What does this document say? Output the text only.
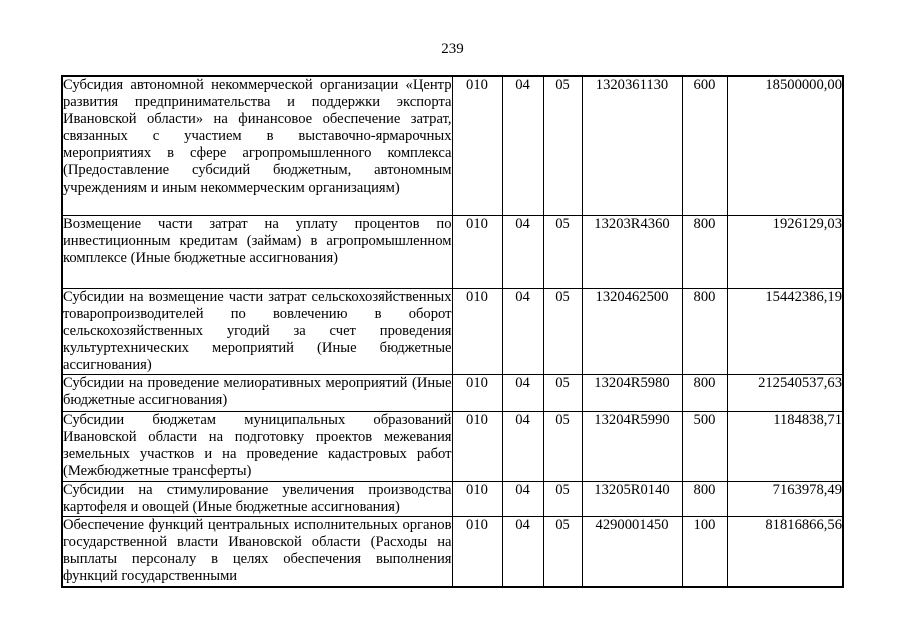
239
Субсидия автономной некоммерческой организации «Центр развития предпринимательства и поддержки экспорта Ивановской области» на финансовое обеспечение затрат, связанных с участием в выставочно-ярмарочных мероприятиях в сфере агропромышленного комплекса (Предоставление субсидий бюджетным, автономным учреждениям и иным некоммерческим организациям)	010	04	05	1320361130	600	18500000,00

Возмещение части затрат на уплату процентов по инвестиционным кредитам (займам) в агропромышленном комплексе (Иные бюджетные ассигнования)	010	04	05	13203R4360	800	1926129,03

Субсидии на возмещение части затрат сельскохозяйственных товаропроизводителей по вовлечению в оборот сельскохозяйственных угодий за счет проведения культуртехнических мероприятий (Иные бюджетные ассигнования)	010	04	05	1320462500	800	15442386,19

Субсидии на проведение мелиоративных мероприятий (Иные бюджетные ассигнования)	010	04	05	13204R5980	800	212540537,63

Субсидии бюджетам муниципальных образований Ивановской области на подготовку проектов межевания земельных участков и на проведение кадастровых работ (Межбюджетные трансферты)	010	04	05	13204R5990	500	1184838,71

Субсидии на стимулирование увеличения производства картофеля и овощей (Иные бюджетные ассигнования)	010	04	05	13205R0140	800	7163978,49

Обеспечение функций центральных исполнительных органов государственной власти Ивановской области (Расходы на выплаты персоналу в целях обеспечения выполнения функций государственными	010	04	05	4290001450	100	81816866,56
